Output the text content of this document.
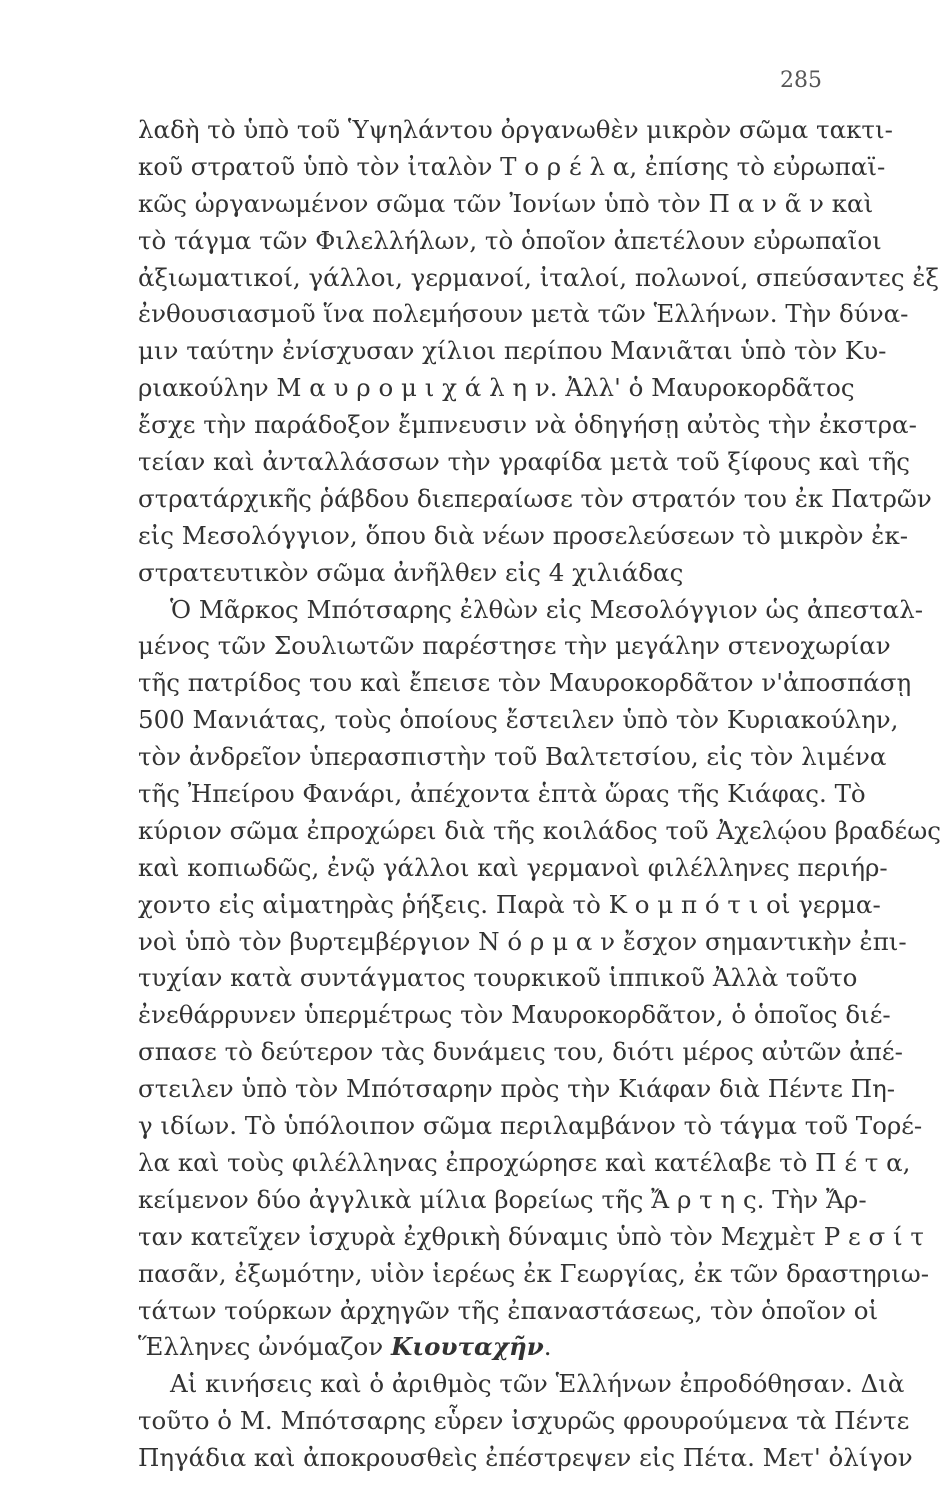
285
λαδὴ τὸ ὑπὸ τοῦ Ὑψηλάντου ὀργανωθὲν μικρὸν σῶμα τακτι-
κοῦ στρατοῦ ὑπὸ τὸν ἰταλὸν Τ ο ρ έ λ α, ἐπίσης τὸ εὐρωπαϊ-
κῶς ὠργανωμένον σῶμα τῶν Ἰονίων ὑπὸ τὸν Π α ν ᾶ ν καὶ
τὸ τάγμα τῶν Φιλελλήλων, τὸ ὁποῖον ἀπετέλουν εὐρωπαῖοι
ἀξιωματικοί, γάλλοι, γερμανοί, ἰταλοί, πολωνοί, σπεύσαντες ἐξ
ἐνθουσιασμοῦ ἵνα πολεμήσουν μετὰ τῶν Ἑλλήνων. Τὴν δύνα-
μιν ταύτην ἐνίσχυσαν χίλιοι περίπου Μανιᾶται ὑπὸ τὸν Κυ-
ριακούλην Μ α υ ρ ο μ ι χ ά λ η ν. Ἀλλ' ὁ Μαυροκορδᾶτος
ἔσχε τὴν παράδοξον ἔμπνευσιν νὰ ὁδηγήσῃ αὐτὸς τὴν ἐκστρα-
τείαν καὶ ἀνταλλάσσων τὴν γραφίδα μετὰ τοῦ ξίφους καὶ τῆς
στρατάρχικῆς ῥάβδου διεπεραίωσε τὸν στρατόν του ἐκ Πατρῶν
εἰς Μεσολόγγιον, ὅπου διὰ νέων προσελεύσεων τὸ μικρὸν ἐκ-
στρατευτικὸν σῶμα ἀνῆλθεν εἰς 4 χιλιάδας
Ὁ Μᾶρκος Μπότσαρης ἐλθὼν εἰς Μεσολόγγιον ὡς ἀπεσταλ-
μένος τῶν Σουλιωτῶν παρέστησε τὴν μεγάλην στενοχωρίαν
τῆς πατρίδος του καὶ ἔπεισε τὸν Μαυροκορδᾶτον ν'ἀποσπάσῃ
500 Μανιάτας, τοὺς ὁποίους ἔστειλεν ὑπὸ τὸν Κυριακούλην,
τὸν ἀνδρεῖον ὑπερασπιστὴν τοῦ Βαλτετσίου, εἰς τὸν λιμένα
τῆς Ἠπείρου Φανάρι, ἀπέχοντα ἑπτὰ ὥρας τῆς Κιάφας. Τὸ
κύριον σῶμα ἐπροχώρει διὰ τῆς κοιλάδος τοῦ Ἀχελῴου βραδέως
καὶ κοπιωδῶς, ἐνῷ γάλλοι καὶ γερμανοὶ φιλέλληνες περιήρ-
χοντο εἰς αἱματηρὰς ῥήξεις. Παρὰ τὸ Κ ο μ π ό τ ι οἱ γερμα-
νοὶ ὑπὸ τὸν βυρτεμβέργιον Ν ό ρ μ α ν ἔσχον σημαντικὴν ἐπι-
τυχίαν κατὰ συντάγματος τουρκικοῦ ἱππικοῦ Ἀλλὰ τοῦτο
ἐνεθάρρυνεν ὑπερμέτρως τὸν Μαυροκορδᾶτον, ὁ ὁποῖος διέ-
σπασε τὸ δεύτερον τὰς δυνάμεις του, διότι μέρος αὐτῶν ἀπέ-
στειλεν ὑπὸ τὸν Μπότσαρην πρὸς τὴν Κιάφαν διὰ Πέντε Πη-
γ ιδίων. Τὸ ὑπόλοιπον σῶμα περιλαμβάνον τὸ τάγμα τοῦ Τορέ-
λα καὶ τοὺς φιλέλληνας ἐπροχώρησε καὶ κατέλαβε τὸ Π έ τ α,
κείμενον δύο ἀγγλικὰ μίλια βορείως τῆς Ἄ ρ τ η ς. Τὴν Ἄρ-
ταν κατεῖχεν ἰσχυρὰ ἐχθρικὴ δύναμις ὑπὸ τὸν Μεχμὲτ Ρ ε σ ί τ
πασᾶν, ἐξωμότην, υἱὸν ἱερέως ἐκ Γεωργίας, ἐκ τῶν δραστηριω-
τάτων τούρκων ἀρχηγῶν τῆς ἐπαναστάσεως, τὸν ὁποῖον οἱ
Ἕλληνες ὠνόμαζον Κιουταχῆν.
Αἱ κινήσεις καὶ ὁ ἀριθμὸς τῶν Ἑλλήνων ἐπροδόθησαν. Διὰ
τοῦτο ὁ Μ. Μπότσαρης εὗρεν ἰσχυρῶς φρουρούμενα τὰ Πέντε
Πηγάδια καὶ ἀποκρουσθεὶς ἐπέστρεψεν εἰς Πέτα. Μετ' ὀλίγον
